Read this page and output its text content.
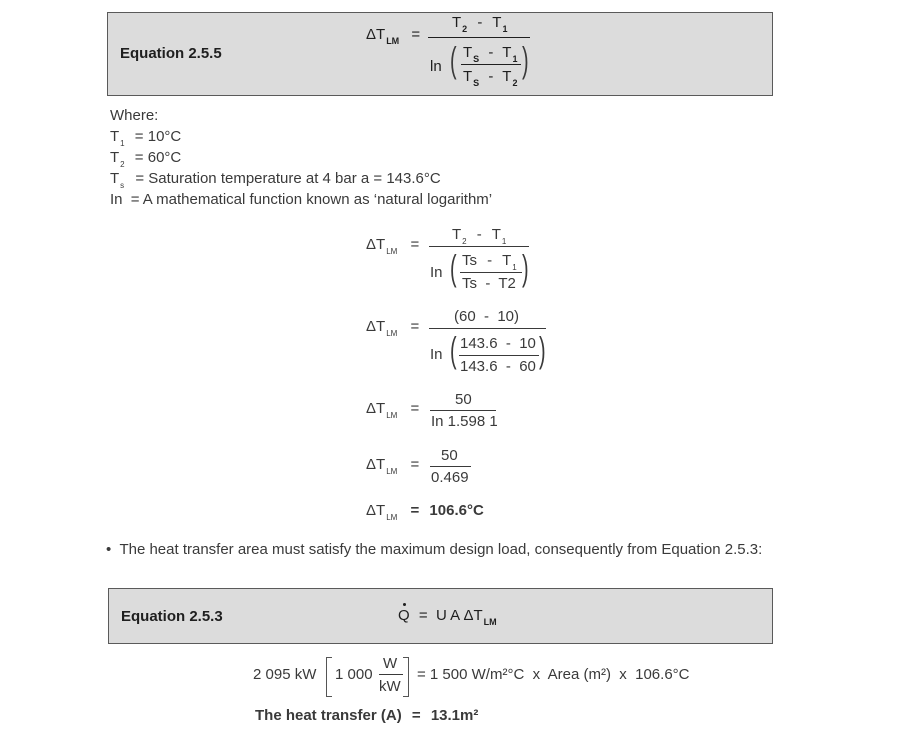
Equation 2.5.5
$\Delta T_{LM}$ =
$T_2 - T_1$
ln ( )
$T_S - T_1$
$T_S - T_2$
Where:
$T_1 = 10^\circ C$
$T_2 = 60^\circ C$
$T_s$ = Saturation temperature at 4 bar a = 143.6°C
In = A mathematical function known as ‘natural logarithm’
$\Delta T_{LM}$ =
$T_2 - T_1$
In ( )
Ts - $T_1$
Ts  -  T2
$\Delta T_{LM}$ =
(60  -  10)
In ( )
143.6  -  10
143.6  -  60
$\Delta T_{LM}$ =
50
In 1.598 1
$\Delta T_{LM}$ =
50
0.469
$\Delta T_{LM} = 106.6^\circ C$
• The heat transfer area must satisfy the maximum design load, consequently from Equation 2.5.3:
Equation 2.5.3	Q =  U A $\Delta T_{LM}$
2 095 kW 1 000
W
kW
= 1 500 W/m²°C  x  Area (m²)  x  106.6°C
The heat transfer (A) = 13.1m²
